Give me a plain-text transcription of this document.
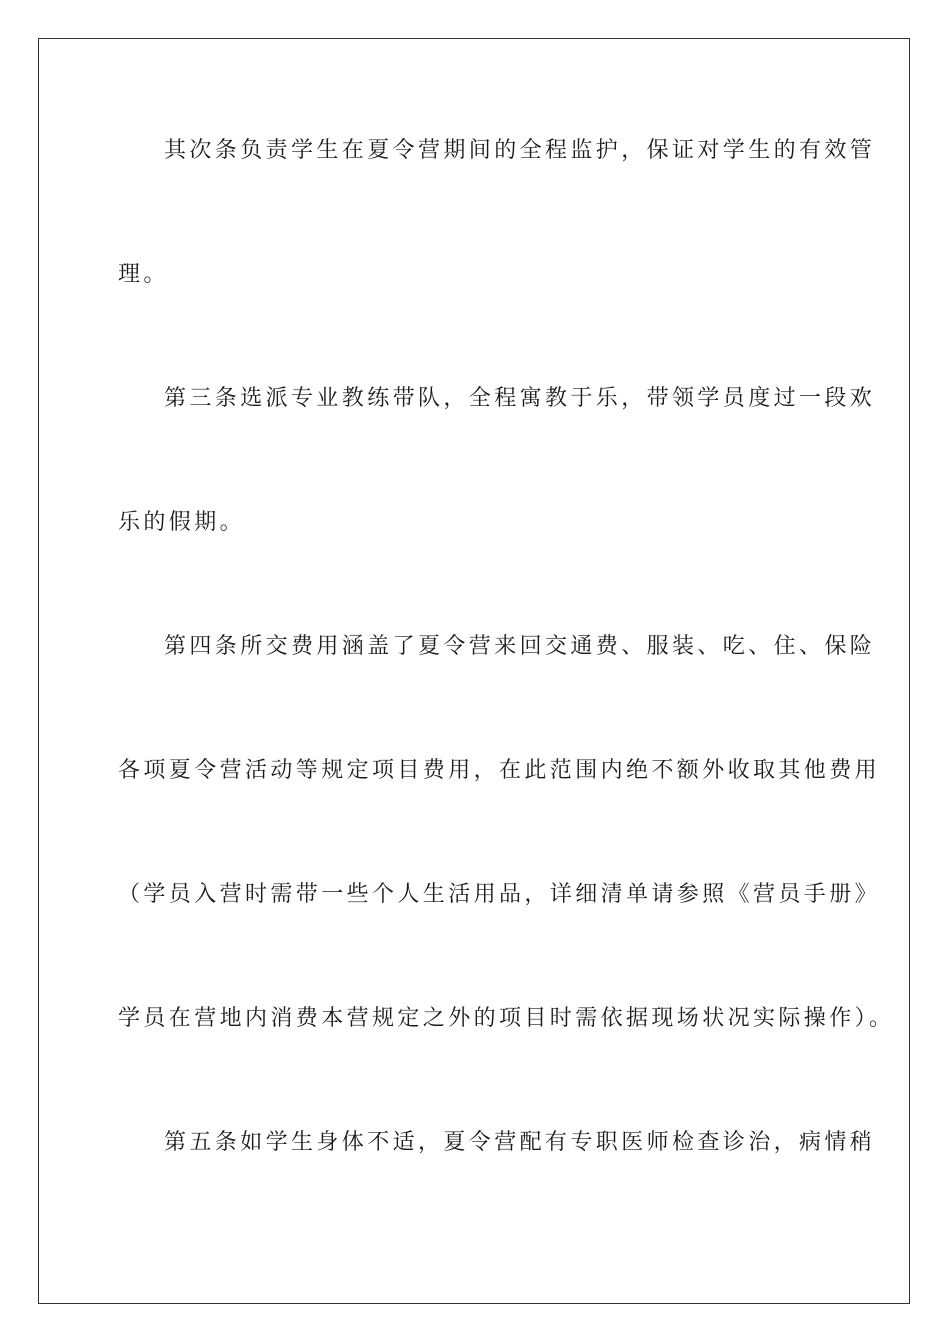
其次条负责学生在夏令营期间的全程监护，保证对学生的有效管
理。
第三条选派专业教练带队，全程寓教于乐，带领学员度过一段欢
乐的假期。
第四条所交费用涵盖了夏令营来回交通费、服装、吃、住、保险
各项夏令营活动等规定项目费用，在此范围内绝不额外收取其他费用
（学员入营时需带一些个人生活用品，详细清单请参照《营员手册》
学员在营地内消费本营规定之外的项目时需依据现场状况实际操作）。
第五条如学生身体不适，夏令营配有专职医师检查诊治，病情稍
